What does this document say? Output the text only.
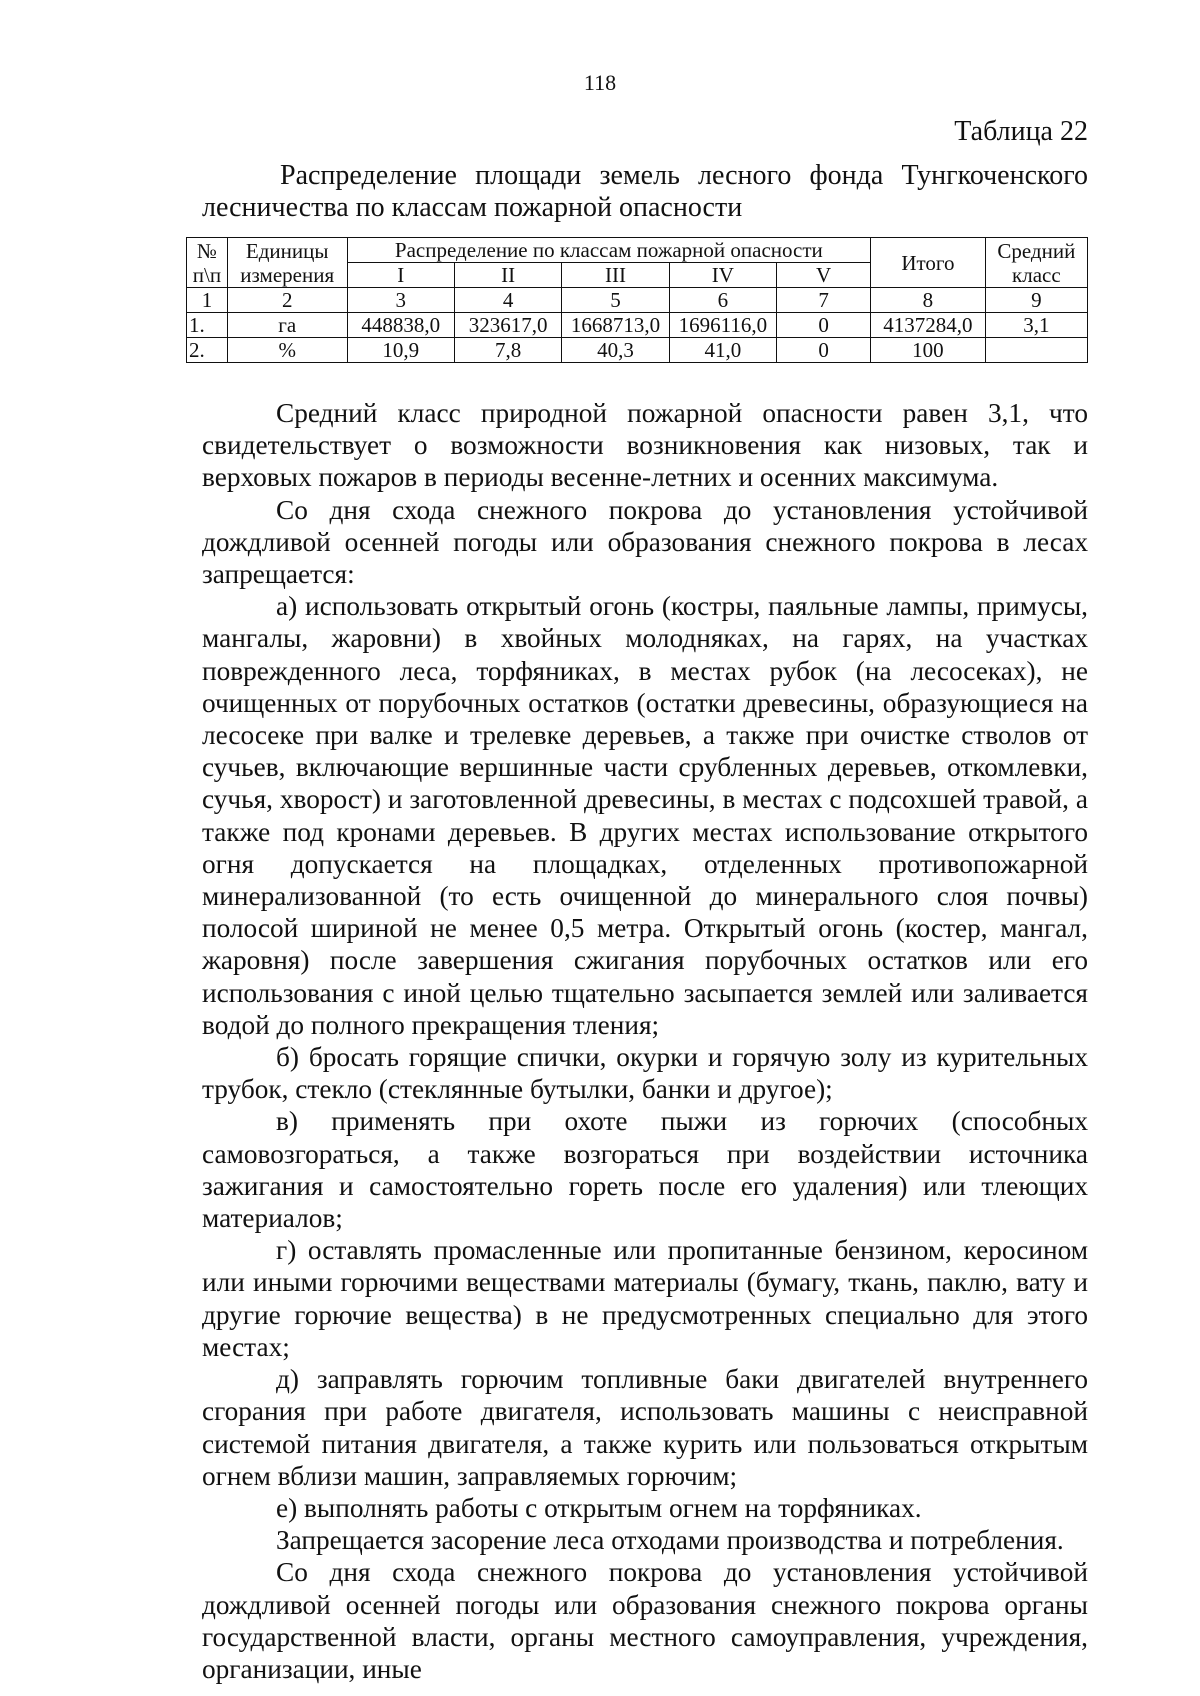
118
Таблица 22
Распределение площади земель лесного фонда Тунгкоченского лесничества по классам пожарной опасности
№ п\п	Единицы измерения	Распределение по классам пожарной опасности					Итого	Средний класс
		I	II	III	IV	V		
1	2	3	4	5	6	7	8	9
1.	га	448838,0	323617,0	1668713,0	1696116,0	0	4137284,0	3,1
2.	%	10,9	7,8	40,3	41,0	0	100	

Средний класс природной пожарной опасности равен 3,1, что свидетельствует о возможности возникновения как низовых, так и верховых пожаров в периоды весенне-летних и осенних максимума.

Со дня схода снежного покрова до установления устойчивой дождливой осенней погоды или образования снежного покрова в лесах запрещается:

а) использовать открытый огонь (костры, паяльные лампы, примусы, мангалы, жаровни) в хвойных молодняках, на гарях, на участках поврежденного леса, торфяниках, в местах рубок (на лесосеках), не очищенных от порубочных остатков (остатки древесины, образующиеся на лесосеке при валке и трелевке деревьев, а также при очистке стволов от сучьев, включающие вершинные части срубленных деревьев, откомлевки, сучья, хворост) и заготовленной древесины, в местах с подсохшей травой, а также под кронами деревьев. В других местах использование открытого огня допускается на площадках, отделенных противопожарной минерализованной (то есть очищенной до минерального слоя почвы) полосой шириной не менее 0,5 метра. Открытый огонь (костер, мангал, жаровня) после завершения сжигания порубочных остатков или его использования с иной целью тщательно засыпается землей или заливается водой до полного прекращения тления;

б) бросать горящие спички, окурки и горячую золу из курительных трубок, стекло (стеклянные бутылки, банки и другое);

в) применять при охоте пыжи из горючих (способных самовозгораться, а также возгораться при воздействии источника зажигания и самостоятельно гореть после его удаления) или тлеющих материалов;

г) оставлять промасленные или пропитанные бензином, керосином или иными горючими веществами материалы (бумагу, ткань, паклю, вату и другие горючие вещества) в не предусмотренных специально для этого местах;

д) заправлять горючим топливные баки двигателей внутреннего сгорания при работе двигателя, использовать машины с неисправной системой питания двигателя, а также курить или пользоваться открытым огнем вблизи машин, заправляемых горючим;

е) выполнять работы с открытым огнем на торфяниках.

Запрещается засорение леса отходами производства и потребления.

Со дня схода снежного покрова до установления устойчивой дождливой осенней погоды или образования снежного покрова органы государственной власти, органы местного самоуправления, учреждения, организации, иные
